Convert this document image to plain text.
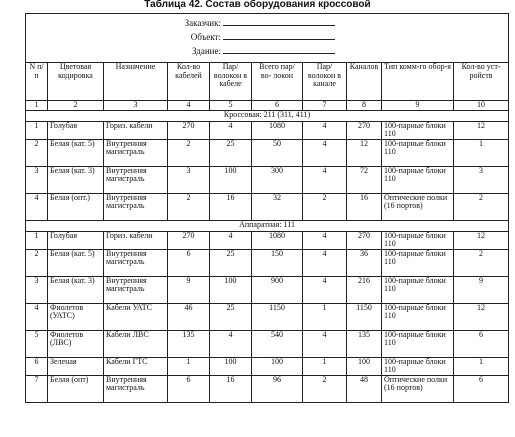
Таблица 42. Состав оборудования кроссовой
Заказчик:
Объект:
Здание:									

N п/п	Цветовая кодировка	Назначение	Кол-во кабелей	Пар/ волокон в кабеле	Всего пар/ во- локон	Пар/ волокон в канале	Каналов	Тип комм-го обор-я	Кол-во уст- ройств
1	2	3	4	5	6	7	8	9	10
Кроссовая: 211 (311, 411)									
1	Голубая	Гориз. кабели	270	4	1080	4	270	100-парные блоки 110	12
2	Белая (кат. 5)	Внутренняя магистраль	2	25	50	4	12	100-парные блоки 110	1
3	Белая (кат. 3)	Внутренняя магистраль	3	100	300	4	72	100-парные блоки 110	3
4	Белая (опт.)	Внутренняя магистраль	2	16	32	2	16	Оптические полки (16 портов)	2
Аппаратная: 111									
1	Голубая	Гориз. кабели	270	4	1080	4	270	100-парные блоки 110	12
2	Белая (кат. 5)	Внутренняя магистраль	6	25	150	4	36	100-парные блоки 110	2
3	Белая (кат. 3)	Внутренняя магистраль	9	100	900	4	216	100-парные блоки 110	9
4	Фиолетов (УАТС)	Кабели УАТС	46	25	1150	1	1150	100-парные блоки 110	12
5	Фиолетов (ЛВС)	Кабели ЛВС	135	4	540	4	135	100-парные блоки 110	6
6	Зеленая	Кабели ГТС	1	100	100	1	100	100-парные блоки 110	1
7	Белая (опт)	Внутренняя магистраль	6	16	96	2	48	Оптические полки (16 портов)	6
